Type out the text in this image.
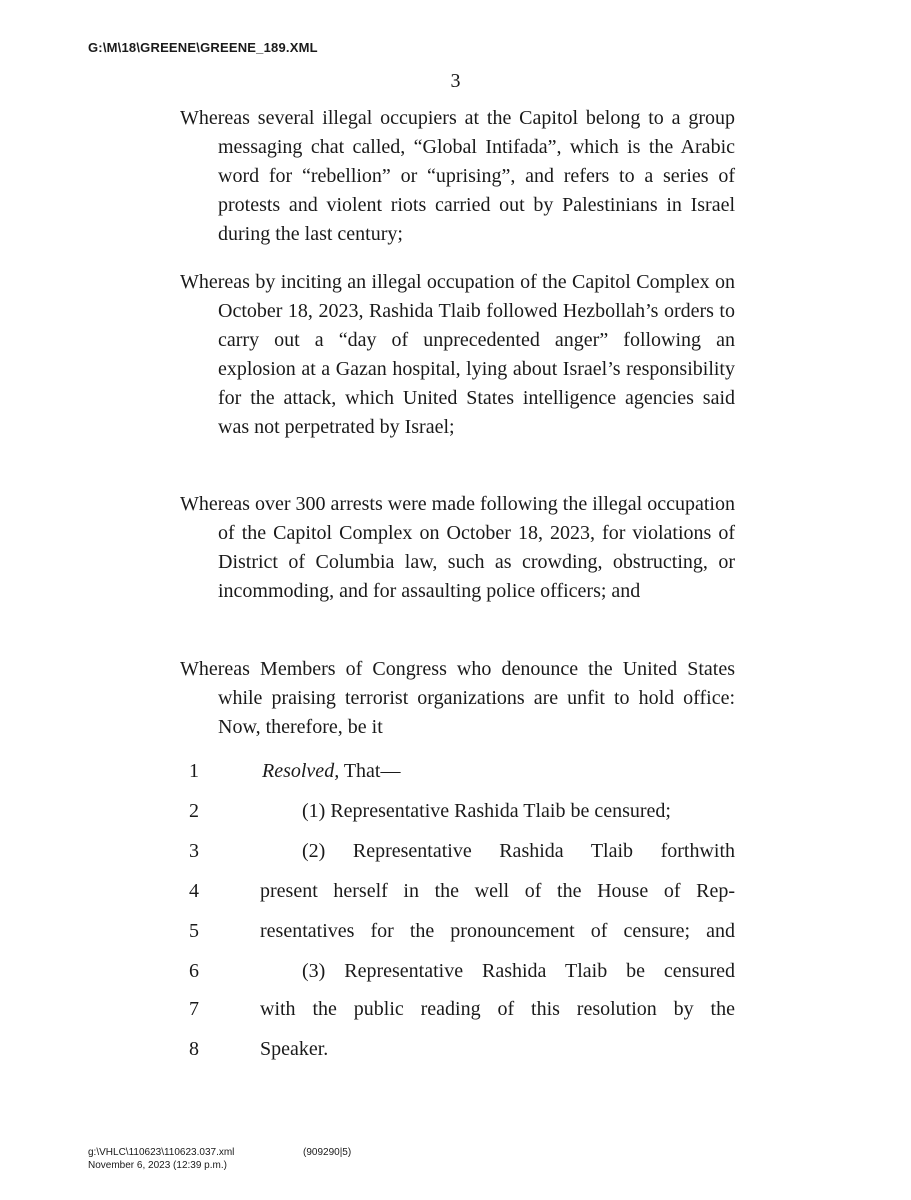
G:\M\18\GREENE\GREENE_189.XML
3
Whereas several illegal occupiers at the Capitol belong to a group messaging chat called, “Global Intifada”, which is the Arabic word for “rebellion” or “uprising”, and refers to a series of protests and violent riots carried out by Palestinians in Israel during the last century;
Whereas by inciting an illegal occupation of the Capitol Complex on October 18, 2023, Rashida Tlaib followed Hezbollah’s orders to carry out a “day of unprecedented anger” following an explosion at a Gazan hospital, lying about Israel’s responsibility for the attack, which United States intelligence agencies said was not perpetrated by Israel;
Whereas over 300 arrests were made following the illegal occupation of the Capitol Complex on October 18, 2023, for violations of District of Columbia law, such as crowding, obstructing, or incommoding, and for assaulting police officers; and
Whereas Members of Congress who denounce the United States while praising terrorist organizations are unfit to hold office: Now, therefore, be it
1	Resolved, That—
2	(1) Representative Rashida Tlaib be censured;
3	(2) Representative Rashida Tlaib forthwith
4	present herself in the well of the House of Rep-
5	resentatives for the pronouncement of censure; and
6	(3) Representative Rashida Tlaib be censured
7	with the public reading of this resolution by the
8	Speaker.
g:\VHLC\110623\110623.037.xml	(909290|5)
November 6, 2023 (12:39 p.m.)
